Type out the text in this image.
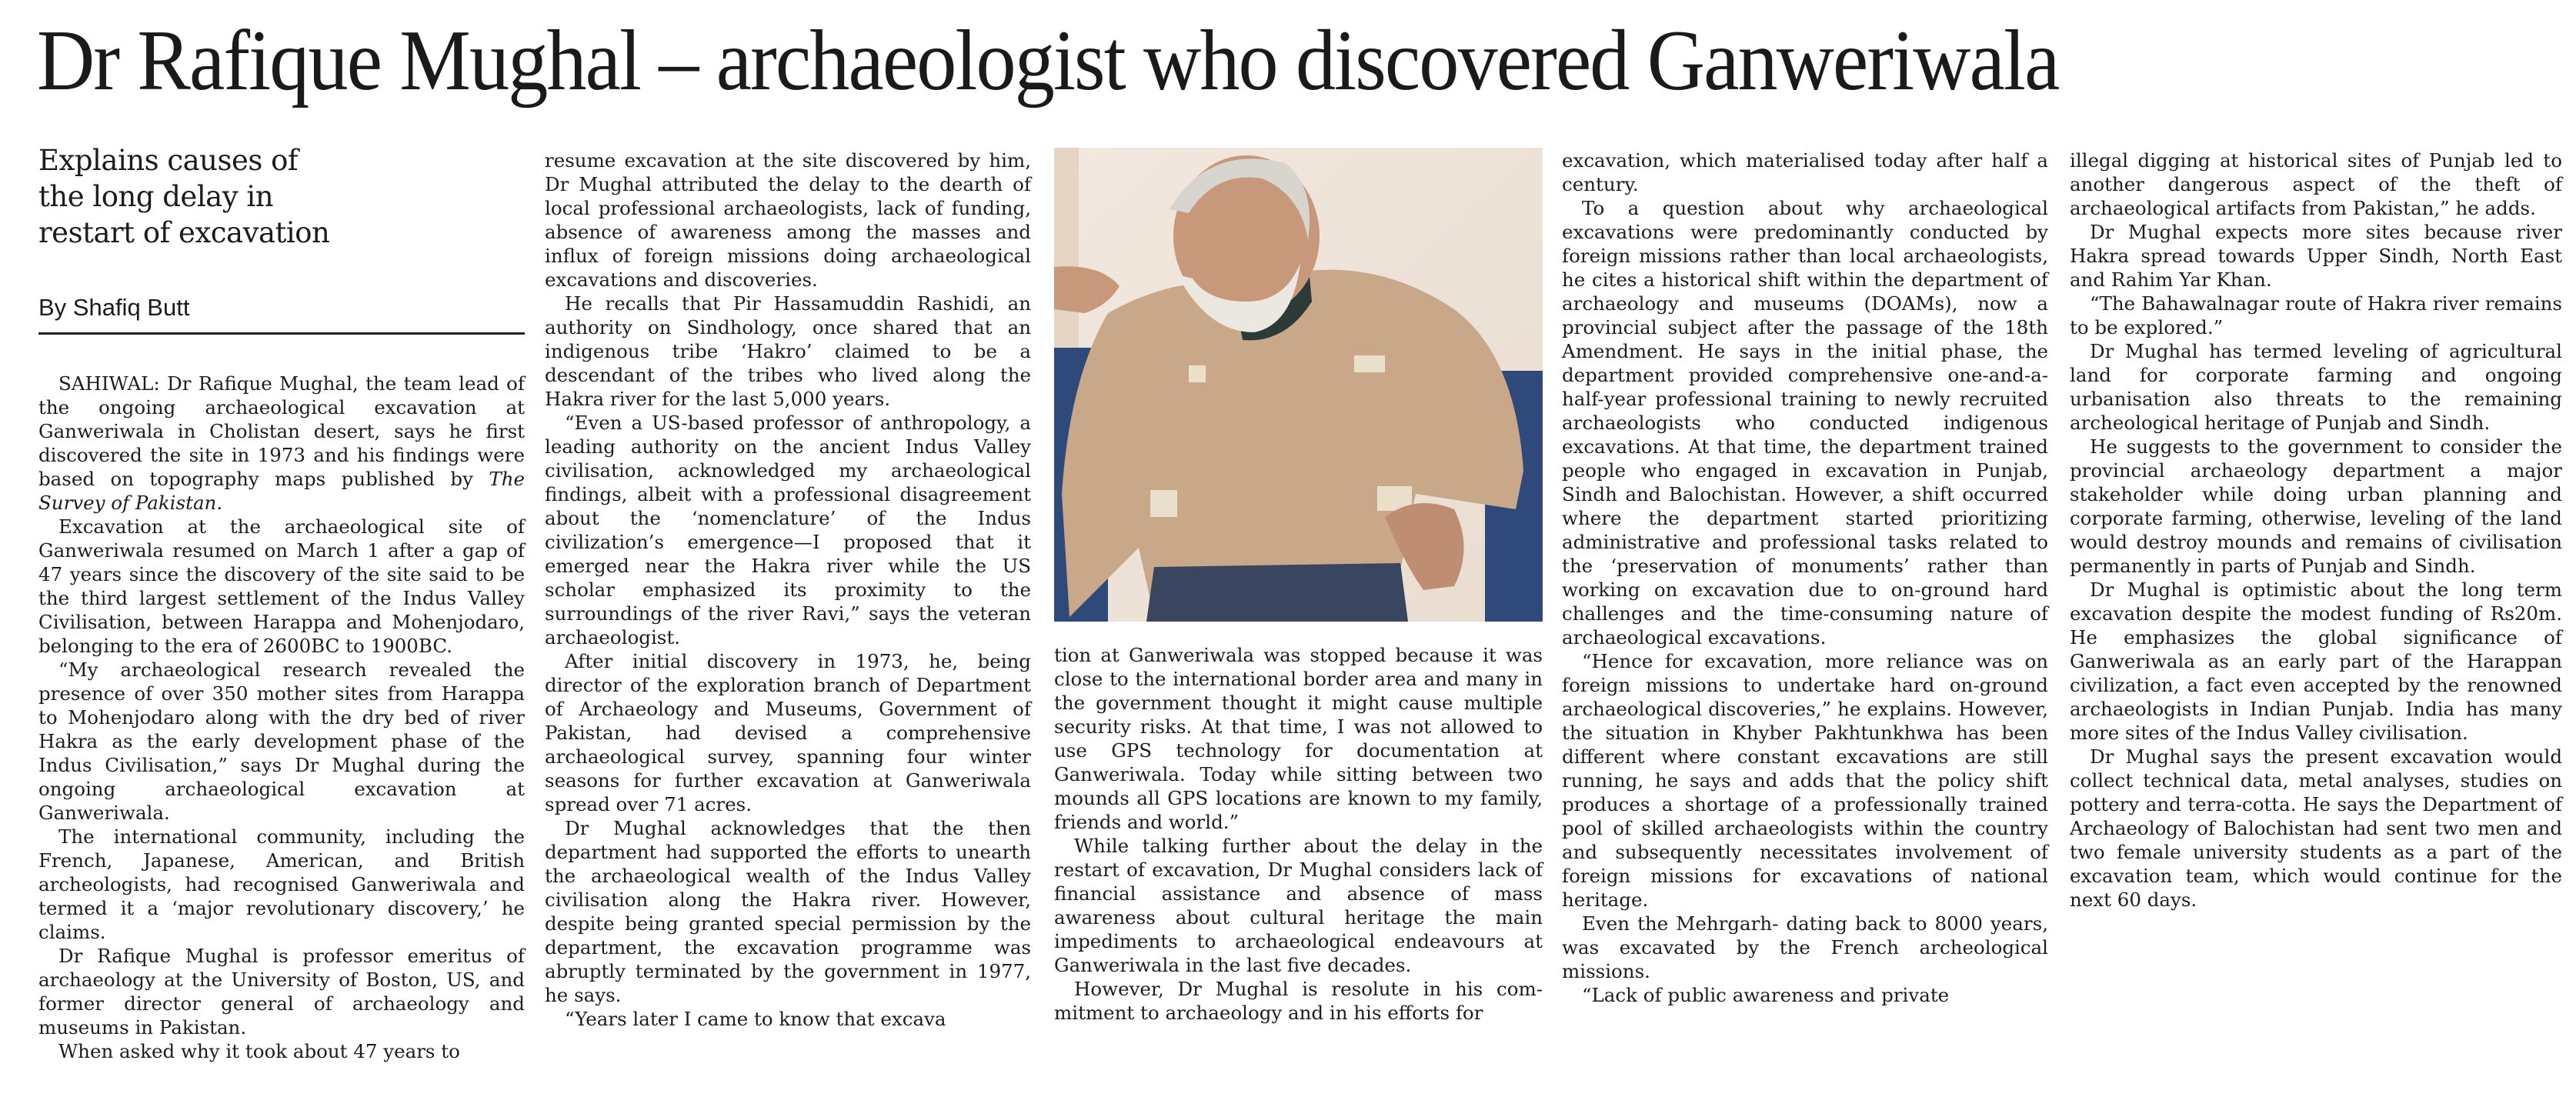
Dr Rafique Mughal – archaeologist who discovered Ganweriwala
Explains causes of
the long delay in
restart of excavation
By Shafiq Butt

SAHIWAL: Dr Rafique Mughal, the team lead of the ongoing archaeological excavation at Ganweriwala in Cholistan desert, says he first discovered the site in 1973 and his findings were based on topography maps published by The Survey of Pakistan.

Excavation at the archaeological site of Ganweriwala resumed on March 1 after a gap of 47 years since the discovery of the site said to be the third largest settlement of the Indus Valley Civilisation, between Harappa and Mohenjodaro, belonging to the era of 2600BC to 1900BC.

“My archaeological research revealed the presence of over 350 mother sites from Harappa to Mohenjodaro along with the dry bed of river Hakra as the early development phase of the Indus Civilisation,” says Dr Mughal during the ongoing archaeological excavation at Ganweriwala.

The international community, including the French, Japanese, American, and British archeologists, had recognised Ganweriwala and termed it a ‘major revolutionary discovery,’ he claims.

Dr Rafique Mughal is professor emeritus of archaeology at the University of Boston, US, and former director general of archaeology and museums in Pakistan.

When asked why it took about 47 years to

resume excavation at the site discovered by him, Dr Mughal attributed the delay to the dearth of local professional archaeologists, lack of funding, absence of awareness among the masses and influx of foreign missions doing archaeological excavations and discoveries.

He recalls that Pir Hassamuddin Rashidi, an authority on Sindhology, once shared that an indigenous tribe ‘Hakro’ claimed to be a descendant of the tribes who lived along the Hakra river for the last 5,000 years.

“Even a US-based professor of anthropology, a leading authority on the ancient Indus Valley civilisation, acknowledged my archaeological findings, albeit with a professional disagreement about the ‘nomenclature’ of the Indus civilization’s emergence—I proposed that it emerged near the Hakra river while the US scholar emphasized its proximity to the surroundings of the river Ravi,” says the veteran archaeologist.

After initial discovery in 1973, he, being director of the exploration branch of Department of Archaeology and Museums, Government of Pakistan, had devised a comprehensive archaeological survey, spanning four winter seasons for further excavation at Ganweriwala spread over 71 acres.

Dr Mughal acknowledges that the then department had supported the efforts to unearth the archaeological wealth of the Indus Valley civilisation along the Hakra river. However, despite being granted special permission by the department, the excavation programme was abruptly terminated by the government in 1977, he says.

“Years later I came to know that excava

tion at Ganweriwala was stopped because it was close to the international border area and many in the government thought it might cause multiple security risks. At that time, I was not allowed to use GPS technology for documentation at Ganweriwala. Today while sitting between two mounds all GPS locations are known to my family, friends and world.”

While talking further about the delay in the restart of excavation, Dr Mughal considers lack of financial assistance and absence of mass awareness about cultural heritage the main impediments to archaeological endeavours at Ganweriwala in the last five decades.

However, Dr Mughal is resolute in his commitment to archaeology and in his efforts for

excavation, which materialised today after half a century.

To a question about why archaeological excavations were predominantly conducted by foreign missions rather than local archaeologists, he cites a historical shift within the department of archaeology and museums (DOAMs), now a provincial subject after the passage of the 18th Amendment. He says in the initial phase, the department provided comprehensive one-and-a-half-year professional training to newly recruited archaeologists who conducted indigenous excavations. At that time, the department trained people who engaged in excavation in Punjab, Sindh and Balochistan. However, a shift occurred where the department started prioritizing administrative and professional tasks related to the ‘preservation of monuments’ rather than working on excavation due to on-ground hard challenges and the time-consuming nature of archaeological excavations.

“Hence for excavation, more reliance was on foreign missions to undertake hard on-ground archaeological discoveries,” he explains. However, the situation in Khyber Pakhtunkhwa has been different where constant excavations are still running, he says and adds that the policy shift produces a shortage of a professionally trained pool of skilled archaeologists within the country and subsequently necessitates involvement of foreign missions for excavations of national heritage.

Even the Mehrgarh- dating back to 8000 years, was excavated by the French archeological missions.

“Lack of public awareness and private

illegal digging at historical sites of Punjab led to another dangerous aspect of the theft of archaeological artifacts from Pakistan,” he adds.

Dr Mughal expects more sites because river Hakra spread towards Upper Sindh, North East and Rahim Yar Khan.

“The Bahawalnagar route of Hakra river remains to be explored.”

Dr Mughal has termed leveling of agricultural land for corporate farming and ongoing urbanisation also threats to the remaining archeological heritage of Punjab and Sindh.

He suggests to the government to consider the provincial archaeology department a major stakeholder while doing urban planning and corporate farming, otherwise, leveling of the land would destroy mounds and remains of civilisation permanently in parts of Punjab and Sindh.

Dr Mughal is optimistic about the long term excavation despite the modest funding of Rs20m. He emphasizes the global significance of Ganweriwala as an early part of the Harappan civilization, a fact even accepted by the renowned archaeologists in Indian Punjab. India has many more sites of the Indus Valley civilisation.

Dr Mughal says the present excavation would collect technical data, metal analyses, studies on pottery and terra-cotta. He says the Department of Archaeology of Balochistan had sent two men and two female university students as a part of the excavation team, which would continue for the next 60 days.
